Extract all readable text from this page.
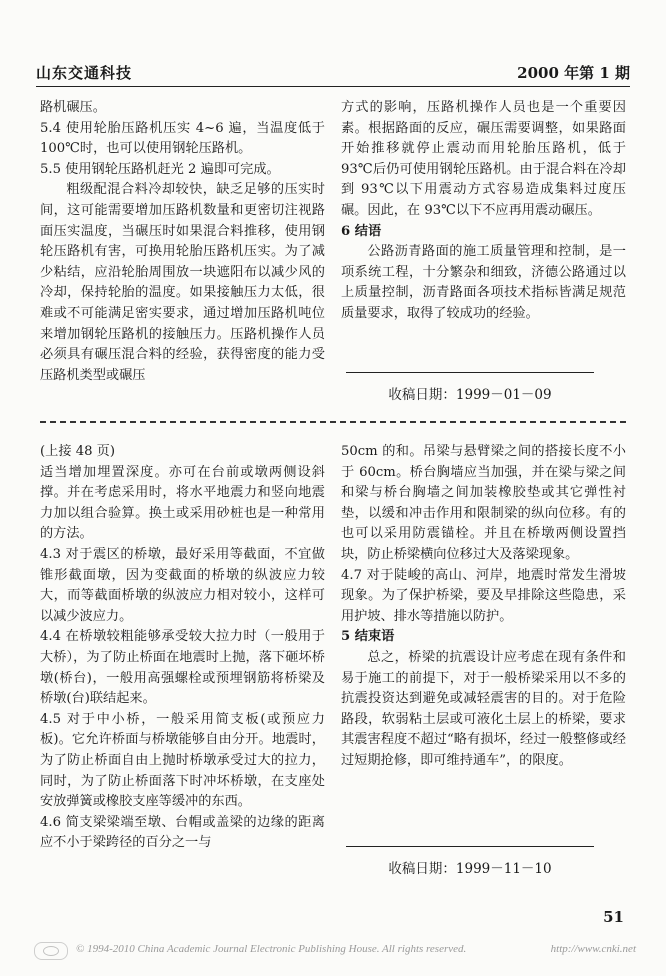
山东交通科技	2000 年第 1 期

路机碾压。

5.4 使用轮胎压路机压实 4~6 遍，当温度低于 100℃时，也可以使用钢轮压路机。

5.5 使用钢轮压路机赶光 2 遍即可完成。

粗级配混合料冷却较快，缺乏足够的压实时间，这可能需要增加压路机数量和更密切注视路面压实温度，当碾压时如果混合料推移，使用钢轮压路机有害，可换用轮胎压路机压实。为了减少粘结，应沿轮胎周围放一块遮阳布以减少风的冷却，保持轮胎的温度。如果接触压力太低，很难或不可能满足密实要求，通过增加压路机吨位来增加钢轮压路机的接触压力。压路机操作人员必须具有碾压混合料的经验，获得密度的能力受压路机类型或碾压

方式的影响，压路机操作人员也是一个重要因素。根据路面的反应，碾压需要调整，如果路面开始推移就停止震动而用轮胎压路机，低于 93℃后仍可使用钢轮压路机。由于混合料在冷却到 93℃以下用震动方式容易造成集料过度压碾。因此，在 93℃以下不应再用震动碾压。

6 结语

公路沥青路面的施工质量管理和控制，是一项系统工程，十分繁杂和细致，济德公路通过以上质量控制，沥青路面各项技术指标皆满足规范质量要求，取得了较成功的经验。

收稿日期：1999－01－09

(上接 48 页)

适当增加埋置深度。亦可在台前或墩两侧设斜撑。并在考虑采用时，将水平地震力和竖向地震力加以组合验算。换土或采用砂桩也是一种常用的方法。

4.3 对于震区的桥墩，最好采用等截面，不宜做锥形截面墩，因为变截面的桥墩的纵波应力较大，而等截面桥墩的纵波应力相对较小，这样可以减少波应力。

4.4 在桥墩较粗能够承受较大拉力时（一般用于大桥），为了防止桥面在地震时上抛，落下砸坏桥墩(桥台)，一般用高强螺栓或预埋钢筋将桥梁及桥墩(台)联结起来。

4.5 对于中小桥，一般采用简支板(或预应力板)。它允许桥面与桥墩能够自由分开。地震时，为了防止桥面自由上抛时桥墩承受过大的拉力，同时，为了防止桥面落下时冲坏桥墩，在支座处安放弹簧或橡胶支座等缓冲的东西。

4.6 简支梁梁端至墩、台帽或盖梁的边缘的距离应不小于梁跨径的百分之一与

50cm 的和。吊梁与悬臂梁之间的搭接长度不小于 60cm。桥台胸墙应当加强，并在梁与梁之间和梁与桥台胸墙之间加装橡胶垫或其它弹性衬垫，以缓和冲击作用和限制梁的纵向位移。有的也可以采用防震锚栓。并且在桥墩两侧设置挡块，防止桥梁横向位移过大及落梁现象。

4.7 对于陡峻的高山、河岸，地震时常发生滑坡现象。为了保护桥梁，要及早排除这些隐患，采用护坡、排水等措施以防护。

5 结束语

总之，桥梁的抗震设计应考虑在现有条件和易于施工的前提下，对于一般桥梁采用以不多的抗震投资达到避免或减轻震害的目的。对于危险路段，软弱粘土层或可液化土层上的桥梁，要求其震害程度不超过“略有损坏，经过一般整修或经过短期抢修，即可维持通车”，的限度。

收稿日期：1999－11－10
51
© 1994-2010 China Academic Journal Electronic Publishing House. All rights reserved.	http://www.cnki.net
